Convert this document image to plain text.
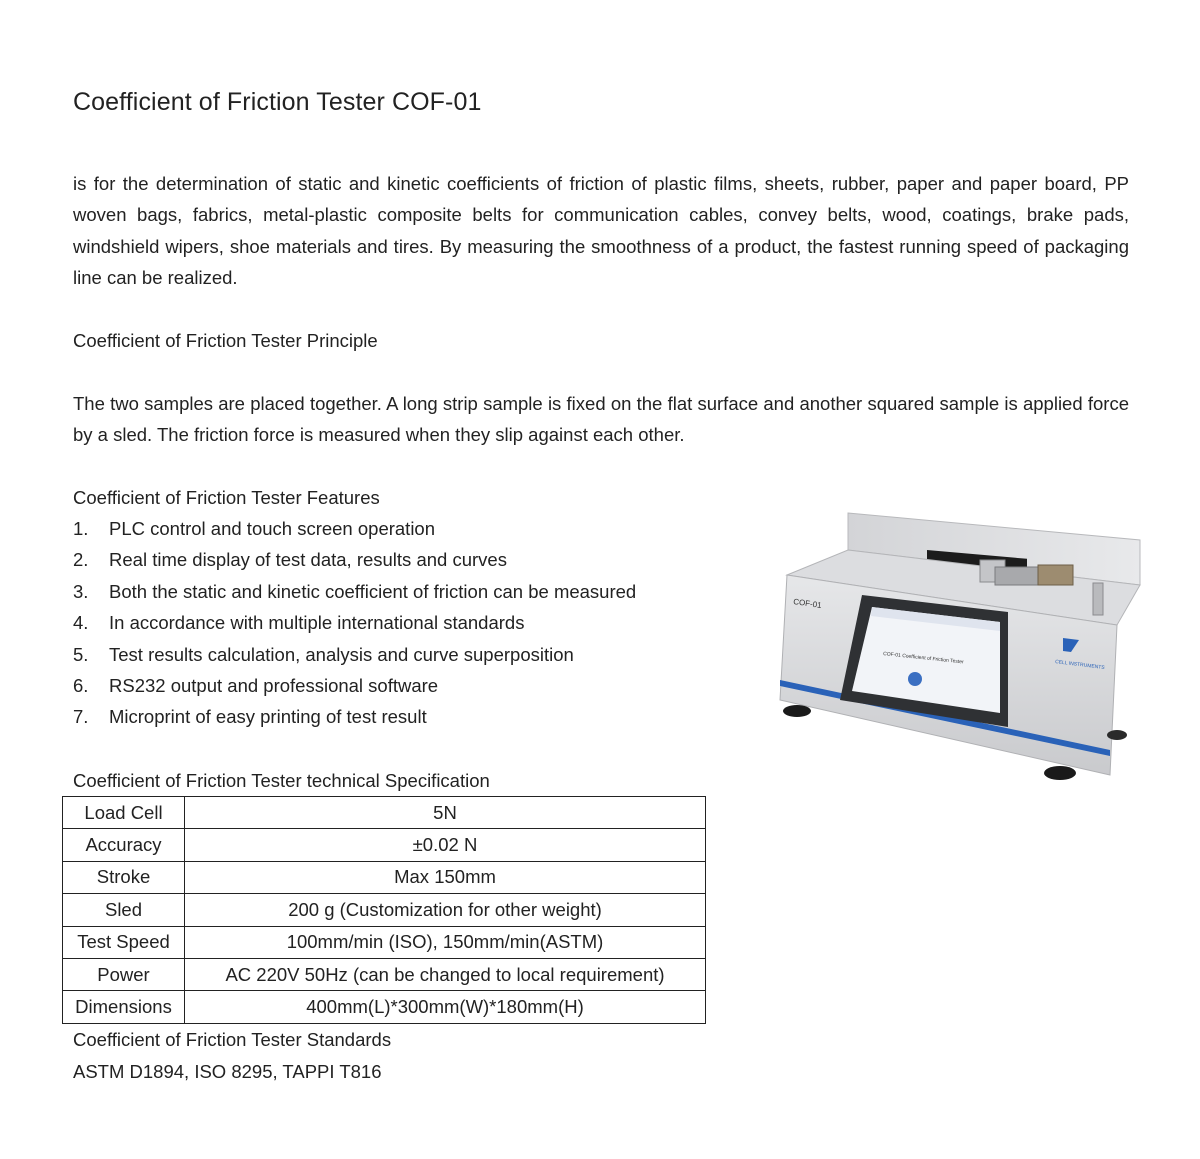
Coefficient of Friction Tester COF-01

is for the determination of static and kinetic coefficients of friction of plastic films, sheets, rubber, paper and paper board, PP woven bags, fabrics, metal-plastic composite belts for communication cables, convey belts, wood, coatings, brake pads, windshield wipers, shoe materials and tires. By measuring the smoothness of a product, the fastest running speed of packaging line can be realized.

Coefficient of Friction Tester Principle

The two samples are placed together. A long strip sample is fixed on the flat surface and another squared sample is applied force by a sled. The friction force is measured when they slip against each other.

Coefficient of Friction Tester Features
1.	PLC control and touch screen operation
2.	Real time display of test data, results and curves
3.	Both the static and kinetic coefficient of friction can be measured
4.	In accordance with multiple international standards
5.	Test results calculation, analysis and curve superposition
6.	RS232 output and professional software
7.	Microprint of easy printing of test result
Coefficient of Friction Tester technical Specification
Load Cell	5N
Accuracy	±0.02 N
Stroke	Max 150mm
Sled	200 g (Customization for other weight)
Test Speed	100mm/min (ISO), 150mm/min(ASTM)
Power	AC 220V 50Hz (can be changed to local requirement)
Dimensions	400mm(L)*300mm(W)*180mm(H)
Coefficient of Friction Tester Standards

ASTM D1894, ISO 8295, TAPPI T816

COF-01
COF-01 Coefficient of Friction Tester	CELL INSTRUMENTS
